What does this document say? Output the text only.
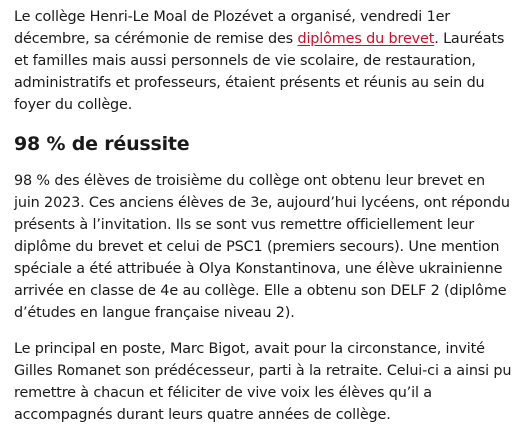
Le collège Henri-Le Moal de Plozévet a organisé, vendredi 1er décembre, sa cérémonie de remise des diplômes du brevet. Lauréats et familles mais aussi personnels de vie scolaire, de restauration, administratifs et professeurs, étaient présents et réunis au sein du foyer du collège.

98 % de réussite

98 % des élèves de troisième du collège ont obtenu leur brevet en juin 2023. Ces anciens élèves de 3e, aujourd’hui lycéens, ont répondu présents à l’invitation. Ils se sont vus remettre officiellement leur diplôme du brevet et celui de PSC1 (premiers secours). Une mention spéciale a été attribuée à Olya Konstantinova, une élève ukrainienne arrivée en classe de 4e au collège. Elle a obtenu son DELF 2 (diplôme d’études en langue française niveau 2).

Le principal en poste, Marc Bigot, avait pour la circonstance, invité Gilles Romanet son prédécesseur, parti à la retraite. Celui-ci a ainsi pu remettre à chacun et féliciter de vive voix les élèves qu’il a accompagnés durant leurs quatre années de collège.
